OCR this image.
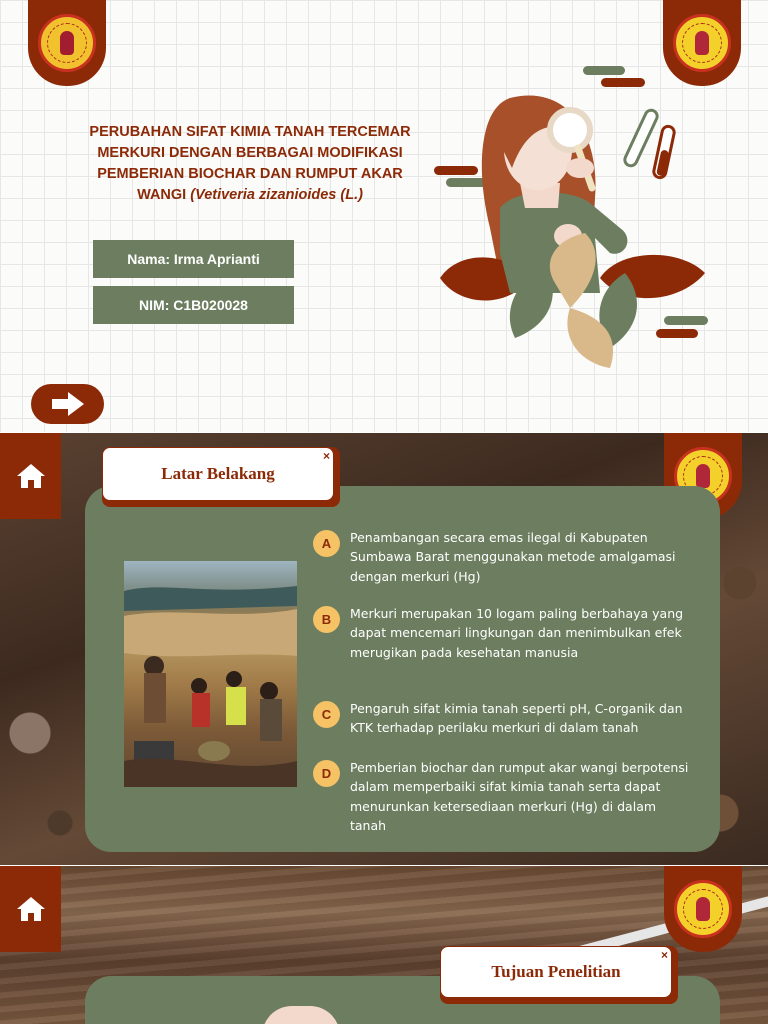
PERUBAHAN SIFAT KIMIA TANAH TERCEMAR
MERKURI DENGAN BERBAGAI MODIFIKASI
PEMBERIAN BIOCHAR DAN RUMPUT AKAR
WANGI (Vetiveria zizanioides (L.)
Nama: Irma Aprianti
NIM: C1B020028
Latar Belakang
×
A	Penambangan secara emas ilegal di Kabupaten Sumbawa Barat menggunakan metode amalgamasi dengan merkuri (Hg)
B	Merkuri merupakan 10 logam paling berbahaya yang dapat mencemari lingkungan dan menimbulkan efek merugikan pada kesehatan manusia
C	Pengaruh sifat kimia tanah seperti pH, C-organik dan KTK terhadap perilaku merkuri di dalam tanah
D	Pemberian biochar dan rumput akar wangi berpotensi dalam memperbaiki sifat kimia tanah serta dapat menurunkan ketersediaan merkuri (Hg) di dalam tanah
Tujuan Penelitian
×
